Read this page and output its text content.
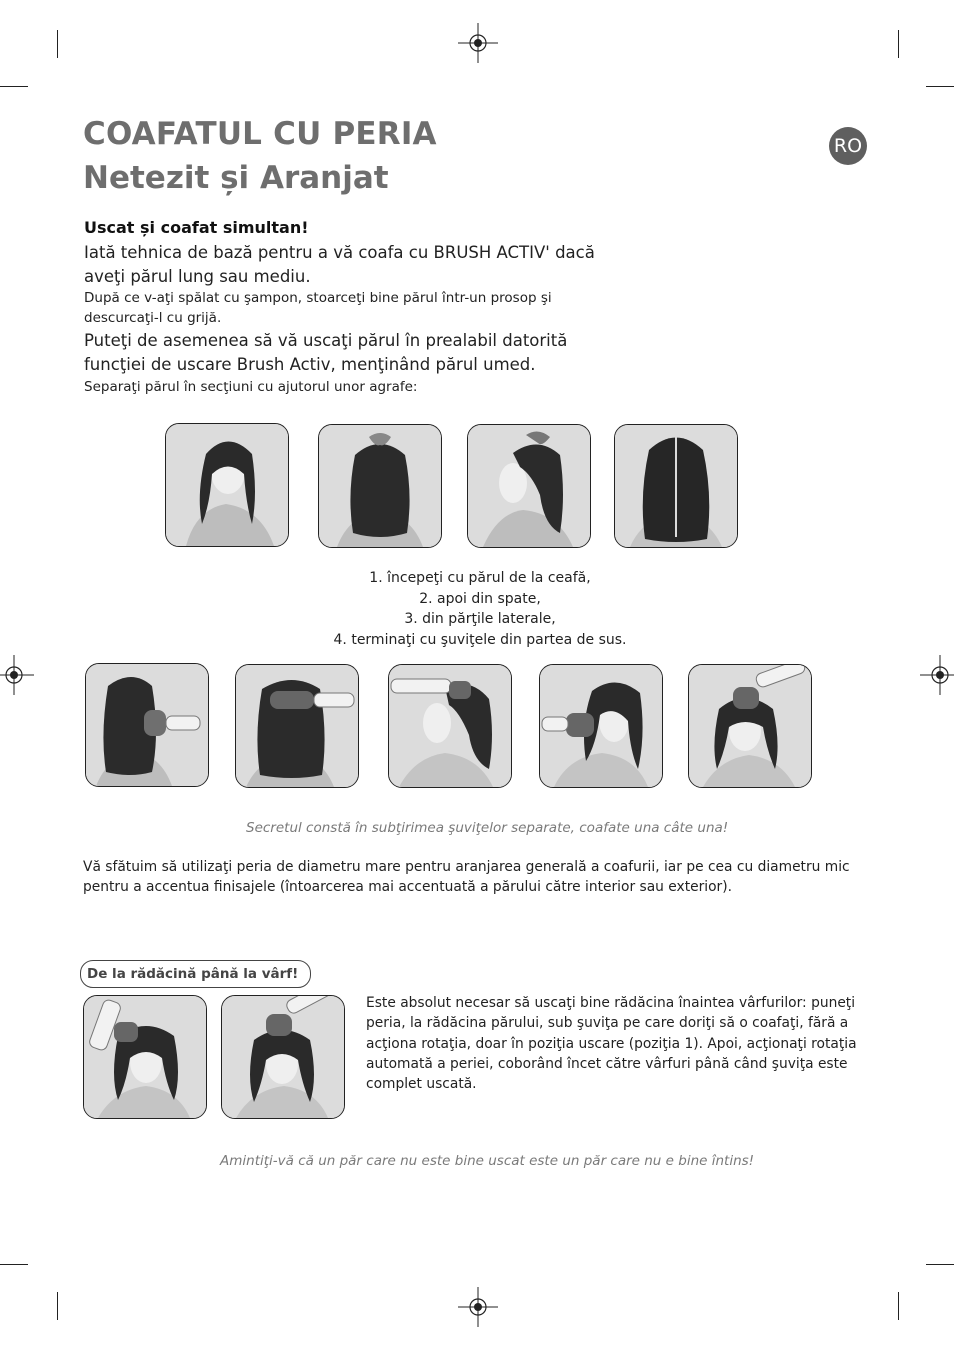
COAFATUL CU PERIA
Netezit și Aranjat
RO
Uscat și coafat simultan!
Iată tehnica de bază pentru a vă coafa cu BRUSH ACTIV' dacă aveţi părul lung sau mediu.
După ce v-aţi spălat cu şampon, stoarceţi bine părul într-un prosop şi descurcaţi-l cu grijă.
Puteţi de asemenea să vă uscaţi părul în prealabil datorită funcţiei de uscare Brush Activ, menţinând părul umed.
Separaţi părul în secţiuni cu ajutorul unor agrafe:
1. începeţi cu părul de la ceafă,
2. apoi din spate,
3. din părţile laterale,
4. terminaţi cu şuviţele din partea de sus.
Secretul constă în subţirimea şuviţelor separate, coafate una câte una!
Vă sfătuim să utilizaţi peria de diametru mare pentru aranjarea generală a coafurii, iar pe cea cu diametru mic pentru a accentua finisajele (întoarcerea mai accentuată a părului către interior sau exterior).
De la rădăcină până la vârf!
Este absolut necesar să uscaţi bine rădăcina înaintea vârfurilor: puneţi peria, la rădăcina părului, sub şuviţa pe care doriţi să o coafaţi, fără a acţiona rotaţia, doar în poziţia uscare (poziţia 1). Apoi, acţionaţi rotaţia automată a periei, coborând încet către vârfuri până când şuviţa este complet uscată.
Amintiţi-vă că un păr care nu este bine uscat este un păr care nu e bine întins!
